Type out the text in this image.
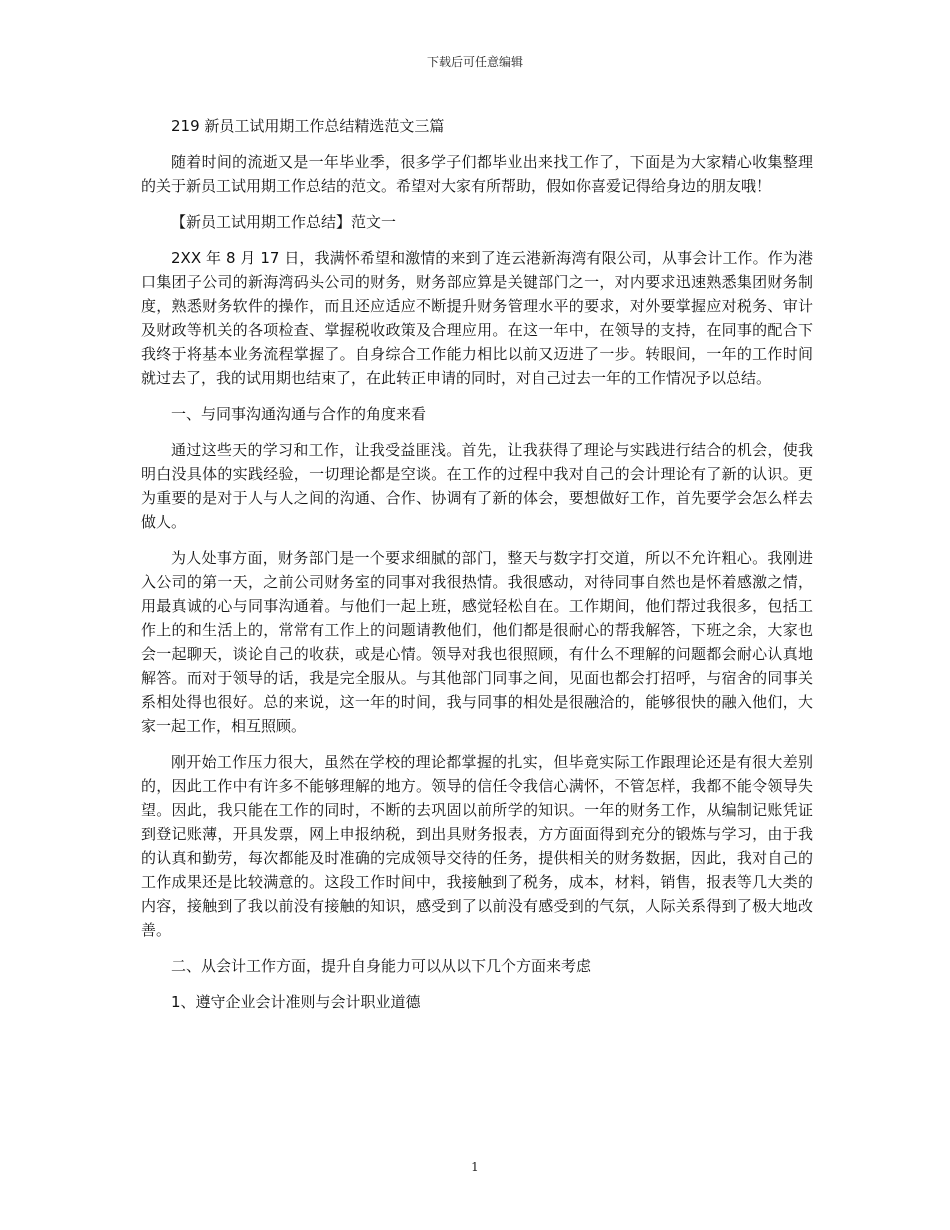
下载后可任意编辑

219 新员工试用期工作总结精选范文三篇

随着时间的流逝又是一年毕业季，很多学子们都毕业出来找工作了，下面是为大家精心收集整理的关于新员工试用期工作总结的范文。希望对大家有所帮助，假如你喜爱记得给身边的朋友哦！

【新员工试用期工作总结】范文一

2XX 年 8 月 17 日，我满怀希望和激情的来到了连云港新海湾有限公司，从事会计工作。作为港口集团子公司的新海湾码头公司的财务，财务部应算是关键部门之一，对内要求迅速熟悉集团财务制度，熟悉财务软件的操作，而且还应适应不断提升财务管理水平的要求，对外要掌握应对税务、审计及财政等机关的各项检查、掌握税收政策及合理应用。在这一年中，在领导的支持，在同事的配合下我终于将基本业务流程掌握了。自身综合工作能力相比以前又迈进了一步。转眼间，一年的工作时间就过去了，我的试用期也结束了，在此转正申请的同时，对自己过去一年的工作情况予以总结。

一、与同事沟通沟通与合作的角度来看

通过这些天的学习和工作，让我受益匪浅。首先，让我获得了理论与实践进行结合的机会，使我明白没具体的实践经验，一切理论都是空谈。在工作的过程中我对自己的会计理论有了新的认识。更为重要的是对于人与人之间的沟通、合作、协调有了新的体会，要想做好工作，首先要学会怎么样去做人。

为人处事方面，财务部门是一个要求细腻的部门，整天与数字打交道，所以不允许粗心。我刚进入公司的第一天，之前公司财务室的同事对我很热情。我很感动，对待同事自然也是怀着感激之情，用最真诚的心与同事沟通着。与他们一起上班，感觉轻松自在。工作期间，他们帮过我很多，包括工作上的和生活上的，常常有工作上的问题请教他们，他们都是很耐心的帮我解答，下班之余，大家也会一起聊天，谈论自己的收获，或是心情。领导对我也很照顾，有什么不理解的问题都会耐心认真地解答。而对于领导的话，我是完全服从。与其他部门同事之间，见面也都会打招呼，与宿舍的同事关系相处得也很好。总的来说，这一年的时间，我与同事的相处是很融洽的，能够很快的融入他们，大家一起工作，相互照顾。

刚开始工作压力很大，虽然在学校的理论都掌握的扎实，但毕竟实际工作跟理论还是有很大差别的，因此工作中有许多不能够理解的地方。领导的信任令我信心满怀，不管怎样，我都不能令领导失望。因此，我只能在工作的同时，不断的去巩固以前所学的知识。一年的财务工作，从编制记账凭证到登记账薄，开具发票，网上申报纳税，到出具财务报表，方方面面得到充分的锻炼与学习，由于我的认真和勤劳，每次都能及时准确的完成领导交待的任务，提供相关的财务数据，因此，我对自己的工作成果还是比较满意的。这段工作时间中，我接触到了税务，成本，材料，销售，报表等几大类的内容，接触到了我以前没有接触的知识，感受到了以前没有感受到的气氛，人际关系得到了极大地改善。

二、从会计工作方面，提升自身能力可以从以下几个方面来考虑

1、遵守企业会计准则与会计职业道德

1
